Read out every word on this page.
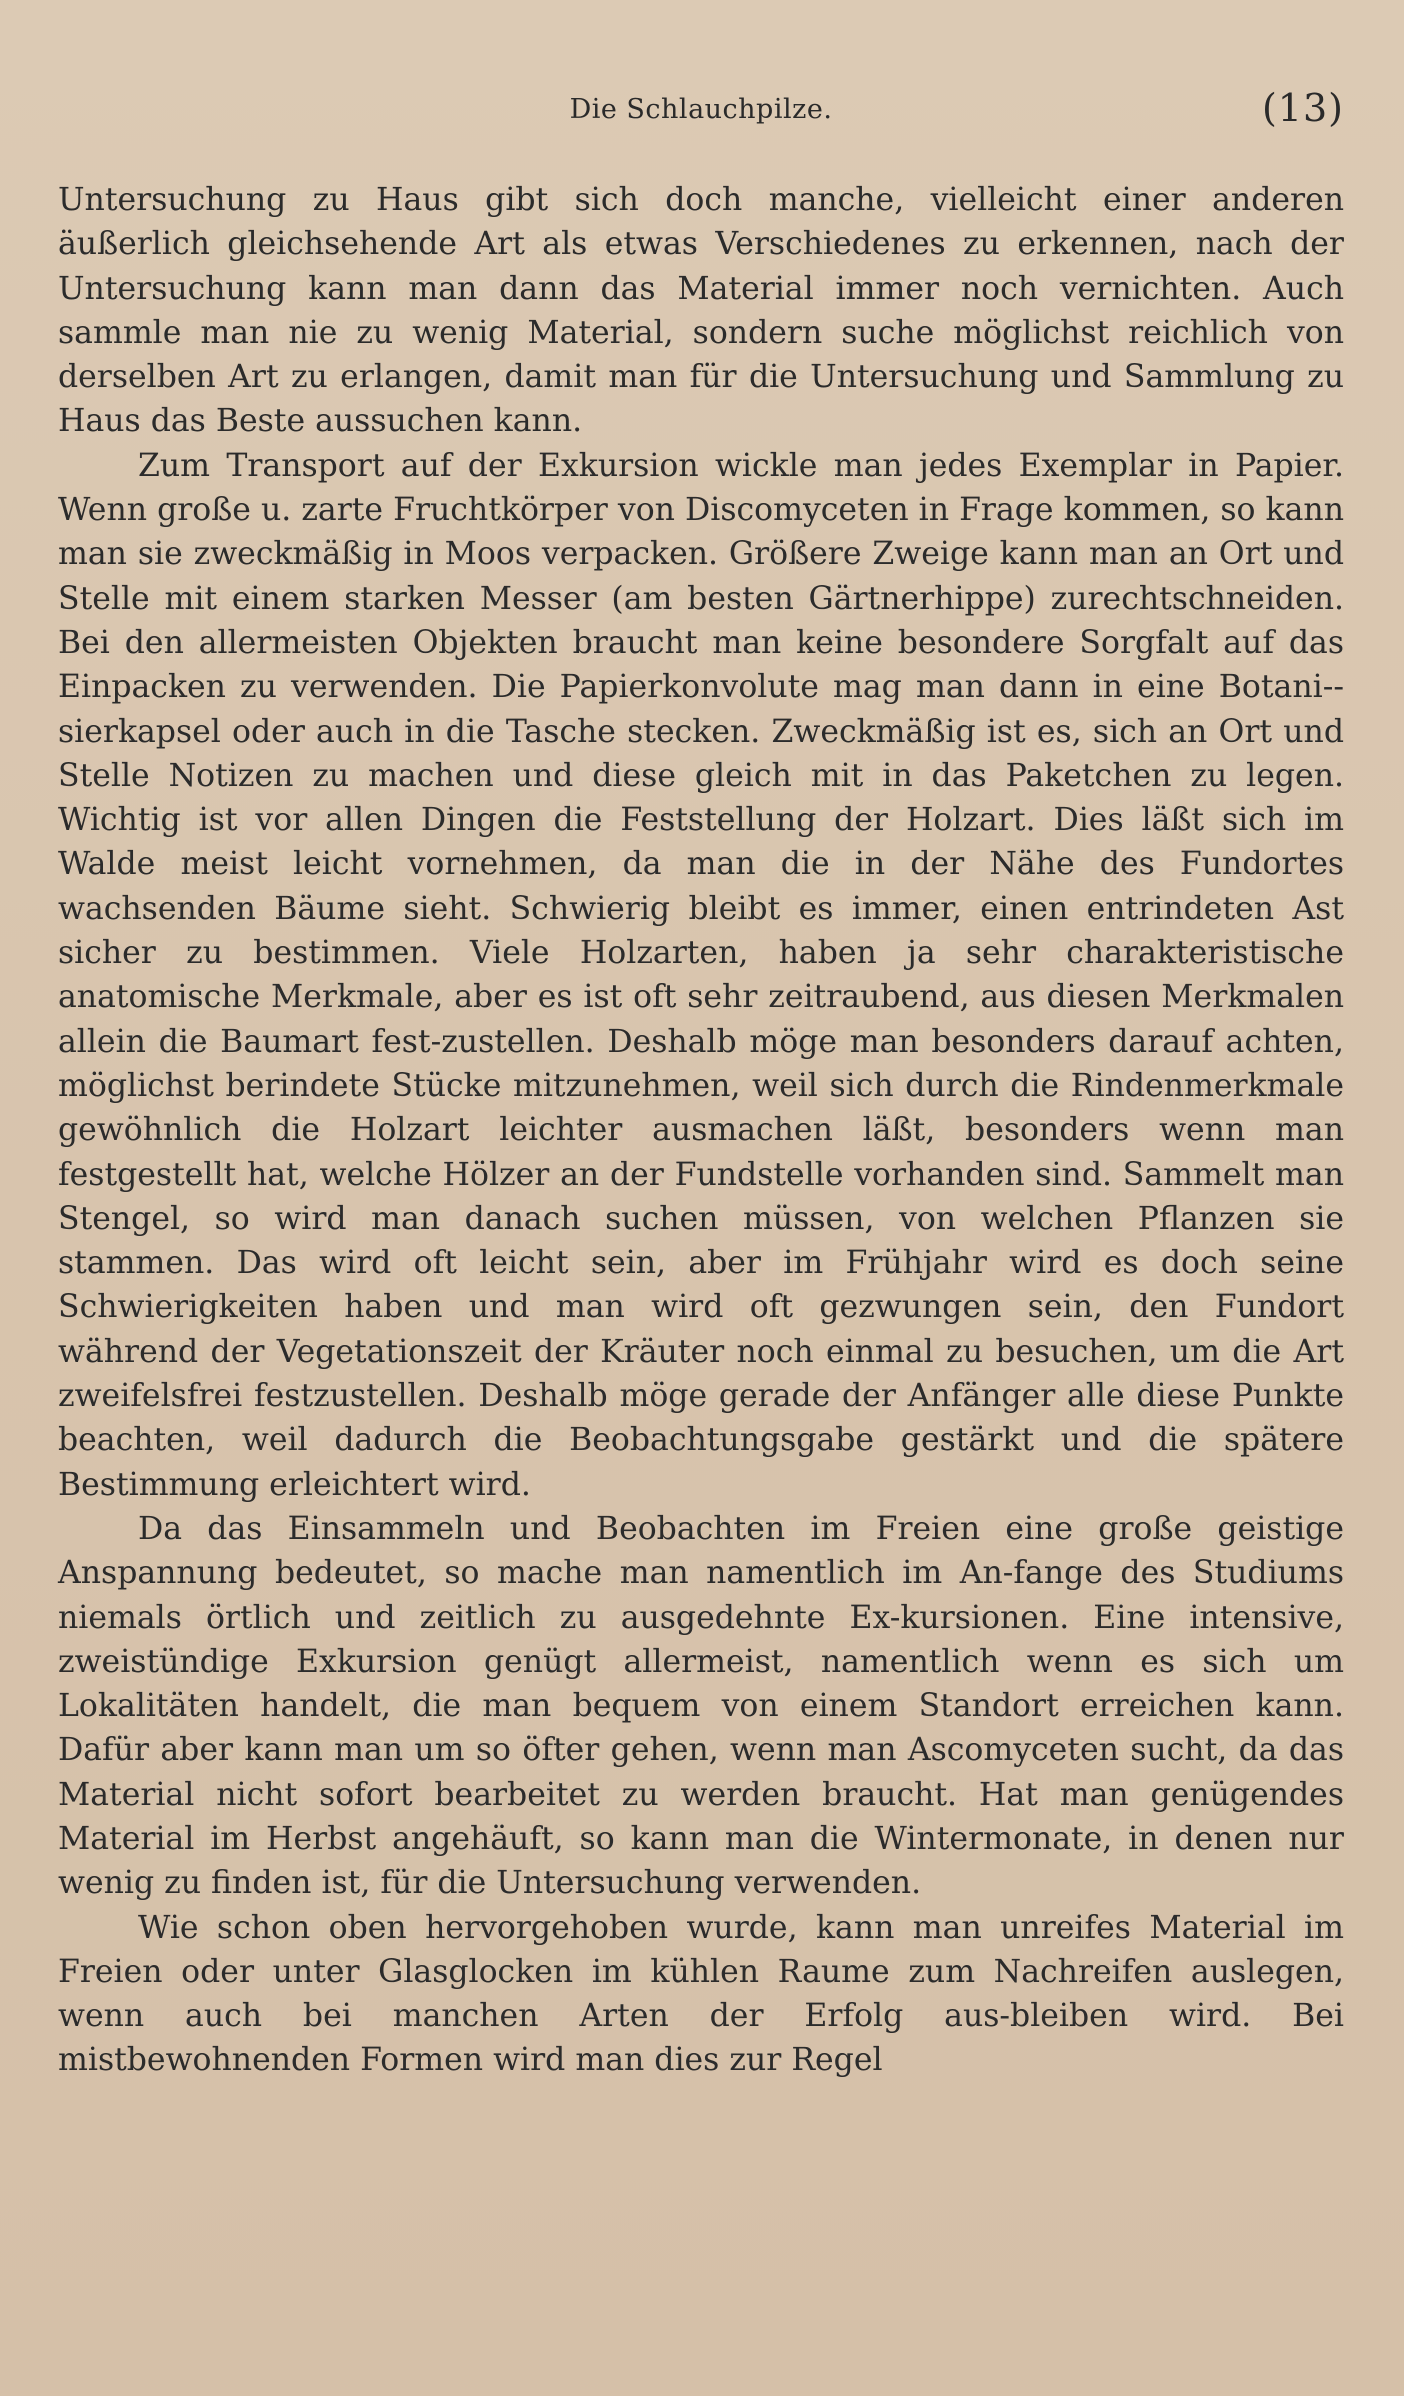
Die Schlauchpilze.	(13)

Untersuchung zu Haus gibt sich doch manche, vielleicht einer anderen äußerlich gleichsehende Art als etwas Verschiedenes zu erkennen, nach der Untersuchung kann man dann das Material immer noch vernichten. Auch sammle man nie zu wenig Material, sondern suche möglichst reichlich von derselben Art zu erlangen, damit man für die Untersuchung und Sammlung zu Haus das Beste aussuchen kann.

Zum Transport auf der Exkursion wickle man jedes Exemplar in Papier. Wenn große u. zarte Fruchtkörper von Discomyceten in Frage kommen, so kann man sie zweckmäßig in Moos verpacken. Größere Zweige kann man an Ort und Stelle mit einem starken Messer (am besten Gärtnerhippe) zurechtschneiden. Bei den allermeisten Objekten braucht man keine besondere Sorgfalt auf das Einpacken zu verwenden. Die Papierkonvolute mag man dann in eine Botani-sierkapsel oder auch in die Tasche stecken. Zweckmäßig ist es, sich an Ort und Stelle Notizen zu machen und diese gleich mit in das Paketchen zu legen. Wichtig ist vor allen Dingen die Feststellung der Holzart. Dies läßt sich im Walde meist leicht vornehmen, da man die in der Nähe des Fundortes wachsenden Bäume sieht. Schwierig bleibt es immer, einen entrindeten Ast sicher zu bestimmen. Viele Holzarten, haben ja sehr charakteristische anatomische Merkmale, aber es ist oft sehr zeitraubend, aus diesen Merkmalen allein die Baumart fest-zustellen. Deshalb möge man besonders darauf achten, möglichst berindete Stücke mitzunehmen, weil sich durch die Rindenmerkmale gewöhnlich die Holzart leichter ausmachen läßt, besonders wenn man festgestellt hat, welche Hölzer an der Fundstelle vorhanden sind. Sammelt man Stengel, so wird man danach suchen müssen, von welchen Pflanzen sie stammen. Das wird oft leicht sein, aber im Frühjahr wird es doch seine Schwierigkeiten haben und man wird oft gezwungen sein, den Fundort während der Vegetationszeit der Kräuter noch einmal zu besuchen, um die Art zweifelsfrei festzustellen. Deshalb möge gerade der Anfänger alle diese Punkte beachten, weil dadurch die Beobachtungsgabe gestärkt und die spätere Bestimmung erleichtert wird.

Da das Einsammeln und Beobachten im Freien eine große geistige Anspannung bedeutet, so mache man namentlich im An-fange des Studiums niemals örtlich und zeitlich zu ausgedehnte Ex-kursionen. Eine intensive, zweistündige Exkursion genügt allermeist, namentlich wenn es sich um Lokalitäten handelt, die man bequem von einem Standort erreichen kann. Dafür aber kann man um so öfter gehen, wenn man Ascomyceten sucht, da das Material nicht sofort bearbeitet zu werden braucht. Hat man genügendes Material im Herbst angehäuft, so kann man die Wintermonate, in denen nur wenig zu finden ist, für die Untersuchung verwenden.

Wie schon oben hervorgehoben wurde, kann man unreifes Material im Freien oder unter Glasglocken im kühlen Raume zum Nachreifen auslegen, wenn auch bei manchen Arten der Erfolg aus-bleiben wird. Bei mistbewohnenden Formen wird man dies zur Regel
